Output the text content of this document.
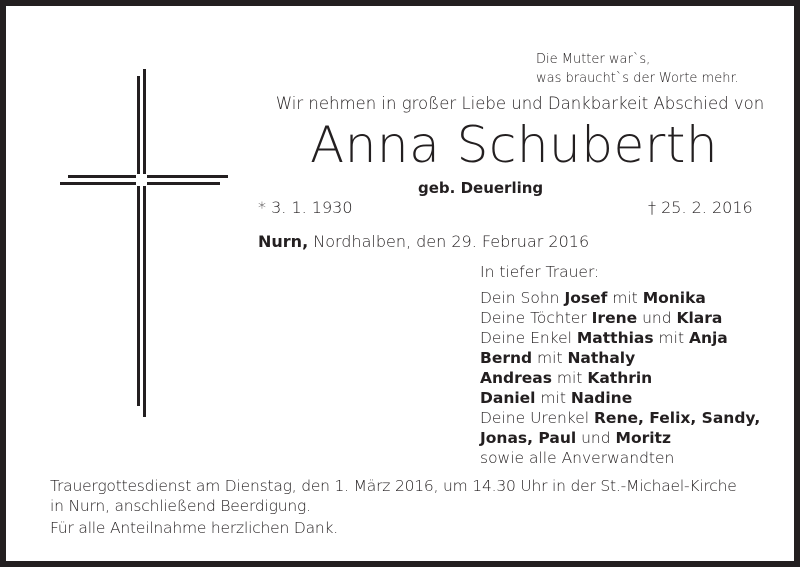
Die Mutter war`s,
was braucht`s der Worte mehr.
Wir nehmen in großer Liebe und Dankbarkeit Abschied von
Anna Schuberth
geb. Deuerling
* 3. 1. 1930	† 25. 2. 2016
Nurn, Nordhalben, den 29. Februar 2016
In tiefer Trauer:
Dein Sohn Josef mit Monika
Deine Töchter Irene und Klara
Deine Enkel Matthias mit Anja
Bernd mit Nathaly
Andreas mit Kathrin
Daniel mit Nadine
Deine Urenkel Rene, Felix, Sandy,
Jonas, Paul und Moritz
sowie alle Anverwandten
Trauergottesdienst am Dienstag, den 1. März 2016, um 14.30 Uhr in der St.-Michael-Kirche
in Nurn, anschließend Beerdigung.
Für alle Anteilnahme herzlichen Dank.
